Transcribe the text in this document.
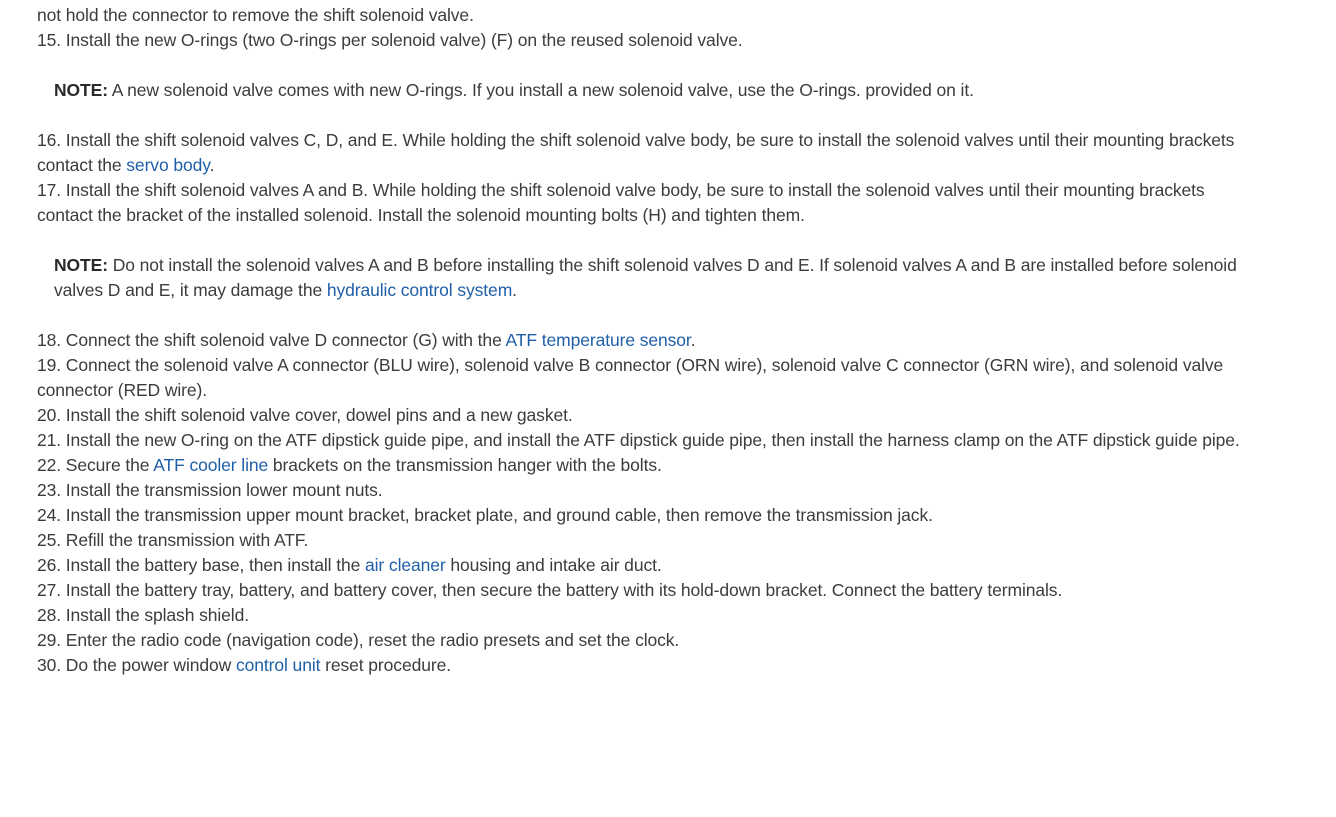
not hold the connector to remove the shift solenoid valve.

15. Install the new O-rings (two O-rings per solenoid valve) (F) on the reused solenoid valve.

NOTE: A new solenoid valve comes with new O-rings. If you install a new solenoid valve, use the O-rings. provided on it.

16. Install the shift solenoid valves C, D, and E. While holding the shift solenoid valve body, be sure to install the solenoid valves until their mounting brackets contact the servo body.

17. Install the shift solenoid valves A and B. While holding the shift solenoid valve body, be sure to install the solenoid valves until their mounting brackets contact the bracket of the installed solenoid. Install the solenoid mounting bolts (H) and tighten them.

NOTE: Do not install the solenoid valves A and B before installing the shift solenoid valves D and E. If solenoid valves A and B are installed before solenoid valves D and E, it may damage the hydraulic control system.

18. Connect the shift solenoid valve D connector (G) with the ATF temperature sensor.

19. Connect the solenoid valve A connector (BLU wire), solenoid valve B connector (ORN wire), solenoid valve C connector (GRN wire), and solenoid valve connector (RED wire).

20. Install the shift solenoid valve cover, dowel pins and a new gasket.

21. Install the new O-ring on the ATF dipstick guide pipe, and install the ATF dipstick guide pipe, then install the harness clamp on the ATF dipstick guide pipe.

22. Secure the ATF cooler line brackets on the transmission hanger with the bolts.

23. Install the transmission lower mount nuts.

24. Install the transmission upper mount bracket, bracket plate, and ground cable, then remove the transmission jack.

25. Refill the transmission with ATF.

26. Install the battery base, then install the air cleaner housing and intake air duct.

27. Install the battery tray, battery, and battery cover, then secure the battery with its hold-down bracket. Connect the battery terminals.

28. Install the splash shield.

29. Enter the radio code (navigation code), reset the radio presets and set the clock.

30. Do the power window control unit reset procedure.
